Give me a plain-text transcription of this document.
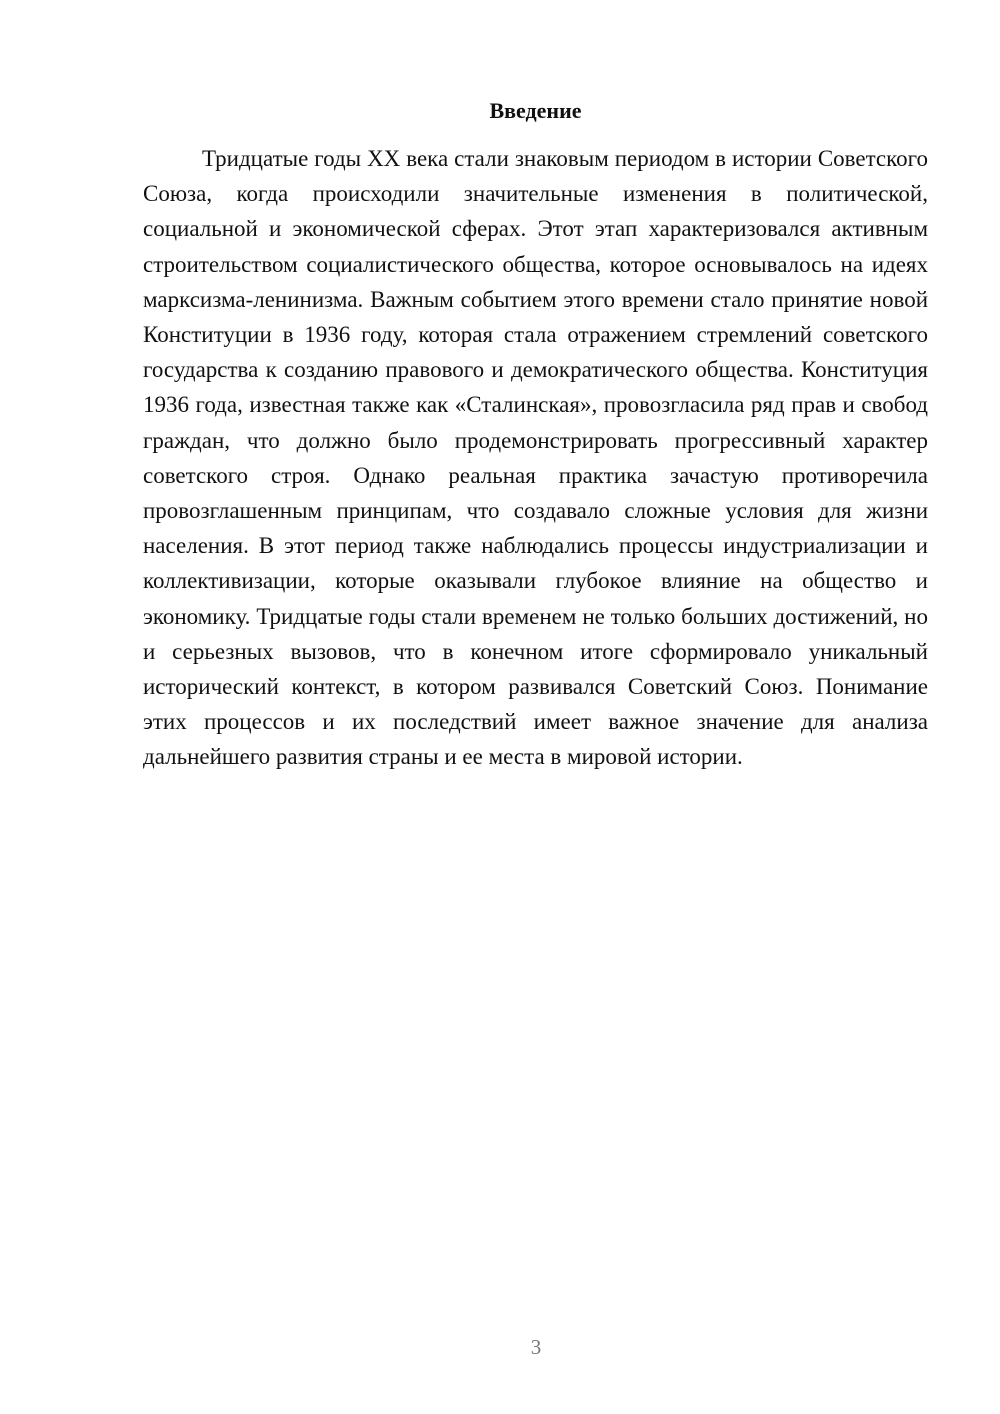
Введение

Тридцатые годы XX века стали знаковым периодом в истории Советского Союза, когда происходили значительные изменения в политической, социальной и экономической сферах. Этот этап характеризовался активным строительством социалистического общества, которое основывалось на идеях марксизма-ленинизма. Важным событием этого времени стало принятие новой Конституции в 1936 году, которая стала отражением стремлений советского государства к созданию правового и демократического общества. Конституция 1936 года, известная также как «Сталинская», провозгласила ряд прав и свобод граждан, что должно было продемонстрировать прогрессивный характер советского строя. Однако реальная практика зачастую противоречила провозглашенным принципам, что создавало сложные условия для жизни населения. В этот период также наблюдались процессы индустриализации и коллективизации, которые оказывали глубокое влияние на общество и экономику. Тридцатые годы стали временем не только больших достижений, но и серьезных вызовов, что в конечном итоге сформировало уникальный исторический контекст, в котором развивался Советский Союз. Понимание этих процессов и их последствий имеет важное значение для анализа дальнейшего развития страны и ее места в мировой истории.

3
